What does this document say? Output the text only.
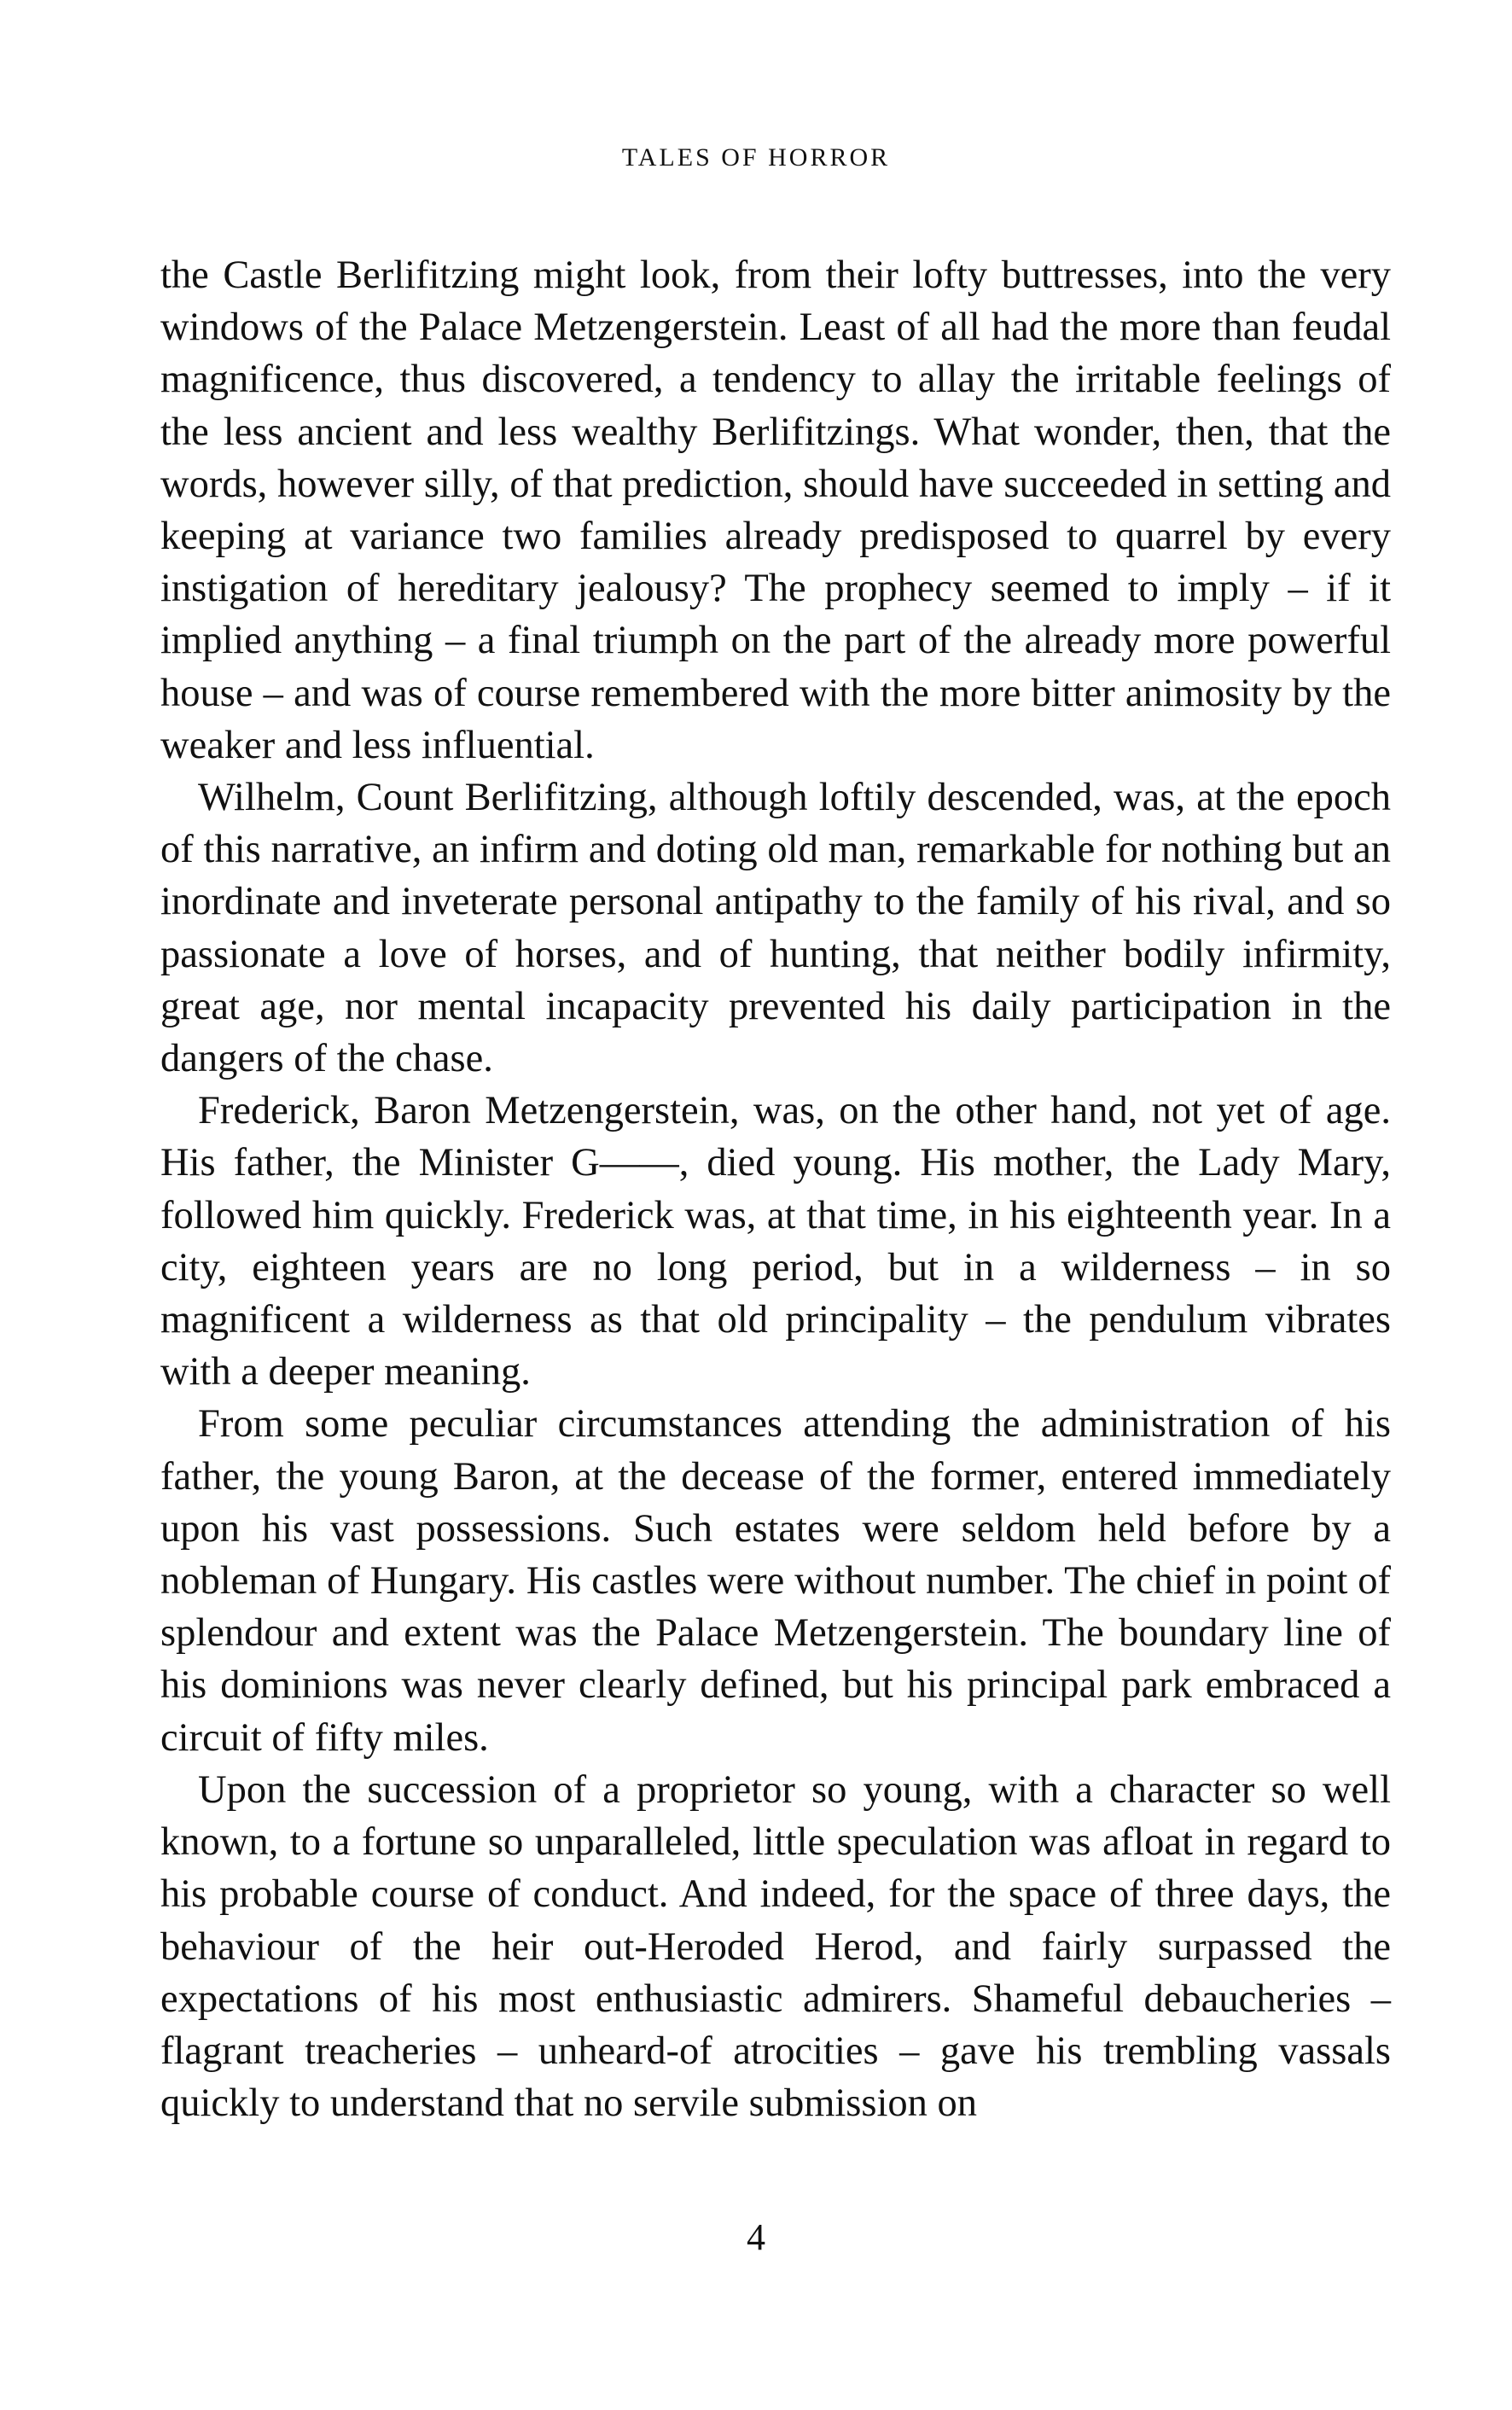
TALES OF HORROR

the Castle Berlifitzing might look, from their lofty buttresses, into the very windows of the Palace Metzengerstein. Least of all had the more than feudal magnificence, thus discovered, a tendency to allay the irritable feelings of the less ancient and less wealthy Berlifitzings. What wonder, then, that the words, however silly, of that prediction, should have succeeded in setting and keeping at variance two families already predisposed to quarrel by every instigation of hereditary jealousy? The prophecy seemed to imply – if it implied anything – a final triumph on the part of the already more powerful house – and was of course remembered with the more bitter animosity by the weaker and less influential.

Wilhelm, Count Berlifitzing, although loftily descended, was, at the epoch of this narrative, an infirm and doting old man, remarkable for nothing but an inordinate and inveterate personal antipathy to the family of his rival, and so passionate a love of horses, and of hunting, that neither bodily infirmity, great age, nor mental incapacity prevented his daily participation in the dangers of the chase.

Frederick, Baron Metzengerstein, was, on the other hand, not yet of age. His father, the Minister G——, died young. His mother, the Lady Mary, followed him quickly. Frederick was, at that time, in his eighteenth year. In a city, eighteen years are no long period, but in a wilderness – in so magnificent a wilderness as that old principality – the pendulum vibrates with a deeper meaning.

From some peculiar circumstances attending the administration of his father, the young Baron, at the decease of the former, entered immediately upon his vast possessions. Such estates were seldom held before by a nobleman of Hungary. His castles were without number. The chief in point of splendour and extent was the Palace Metzengerstein. The boundary line of his dominions was never clearly defined, but his principal park embraced a circuit of fifty miles.

Upon the succession of a proprietor so young, with a character so well known, to a fortune so unparalleled, little speculation was afloat in regard to his probable course of conduct. And indeed, for the space of three days, the behaviour of the heir out-Heroded Herod, and fairly surpassed the expectations of his most enthusiastic admirers. Shameful debaucheries – flagrant treacheries – unheard-of atrocities – gave his trembling vassals quickly to understand that no servile submission on

4
